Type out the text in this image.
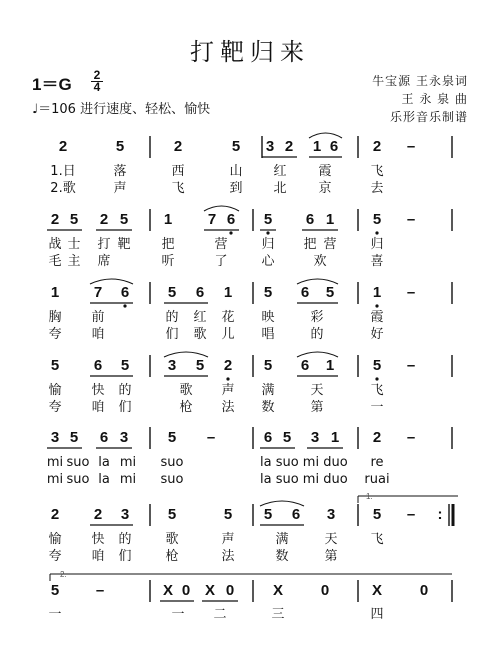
打靶归来
1＝G	2
4
♩＝106 进行速度、轻松、愉快
牛宝源 王永泉词
王 永 泉 曲
乐形音乐制谱
2	5	2	5 3 2 1 6 2 –
1.日	落	西	山	红	霞	飞
2.歌	声	飞	到	北	京	去
2 5 2 5 1 7 6 5 6 1	5 –
战 士	打 靶	把	营	归	把 营	归
毛 主	席	听	了	心	欢	喜
1 7 6	5 6 1 5 6 5	1 –
胸	前	的	红	花	映	彩	霞
夸	咱	们	歌	儿	唱	的	好
5 6 5	3 5 2 5 6 1	5 –
愉	快	的	歌	声	满	天	飞
夸	咱	们	枪	法	数	第	一
3 5 6 3	5 –	6 5 3 1 2 –
mi suo la mi	suo	la suo mi duo	re
mi suo la mi	suo	la suo mi duo	ruai
1.
2 2 3	5	5 5 6 3	5 –	:
愉	快	的	歌	声	满	天	飞
夸	咱	们	枪	法	数	第
2.
5 –	X 0 X 0	X	0	X	0
一	一	二	三	四
